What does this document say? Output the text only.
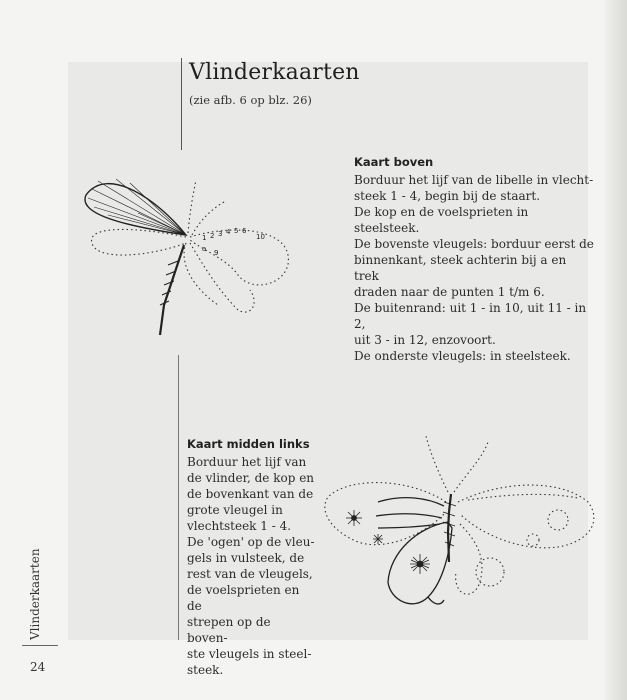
Vlinderkaarten
(zie afb. 6 op blz. 26)
1 2 3 4 5 6
a
10
9
Kaart boven

Borduur het lijf van de libelle in vlecht-

steek 1 - 4, begin bij de staart.

De kop en de voelsprieten in steelsteek.

De bovenste vleugels: borduur eerst de

binnenkant, steek achterin bij a en trek

draden naar de punten 1 t/m 6.

De buitenrand: uit 1 - in 10, uit 11 - in 2,

uit 3 - in 12, enzovoort.

De onderste vleugels: in steelsteek.

Kaart midden links

Borduur het lijf van

de vlinder, de kop en

de bovenkant van de

grote vleugel in

vlechtsteek 1 - 4.

De 'ogen' op de vleu-

gels in vulsteek, de

rest van de vleugels,

de voelsprieten en de

strepen op de boven-

ste vleugels in steel-

steek.

Vlinderkaarten
24
